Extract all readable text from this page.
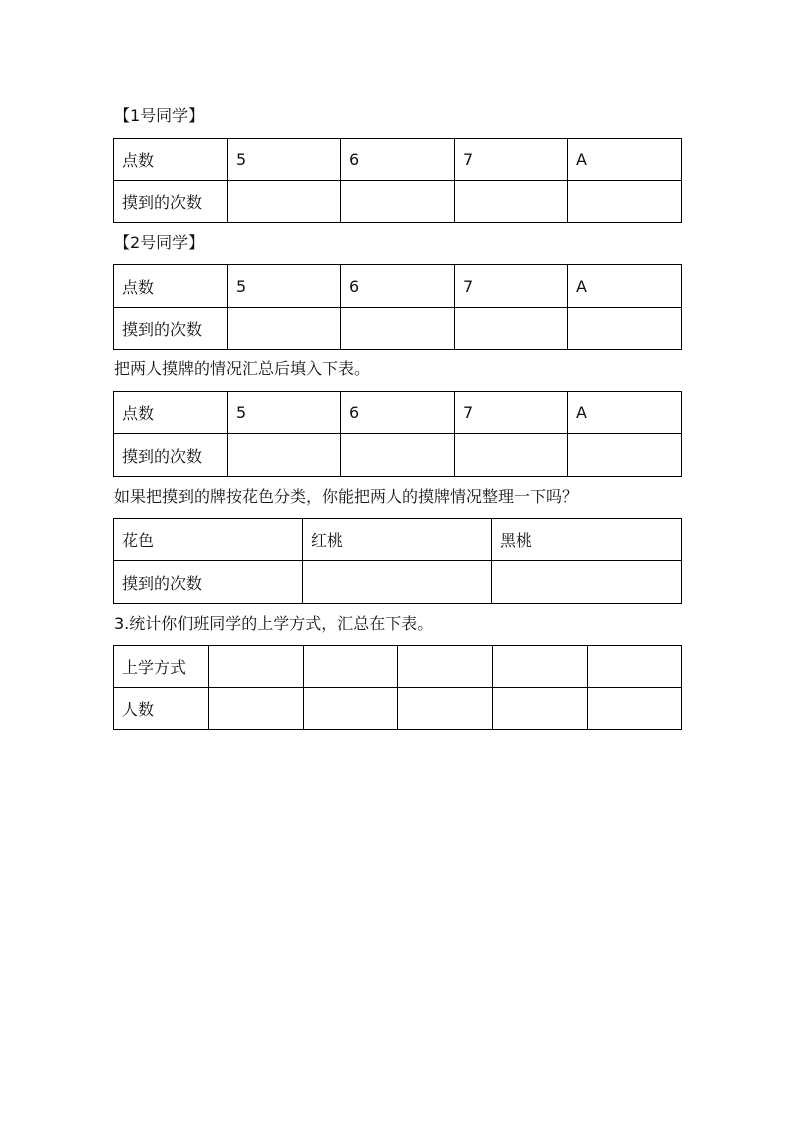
【1号同学】
点数	5	6	7	A
摸到的次数				
【2号同学】
点数	5	6	7	A
摸到的次数				
把两人摸牌的情况汇总后填入下表。
点数	5	6	7	A
摸到的次数				
如果把摸到的牌按花色分类，你能把两人的摸牌情况整理一下吗？
花色	红桃	黑桃
摸到的次数		
3.统计你们班同学的上学方式，汇总在下表。
上学方式					
人数					
